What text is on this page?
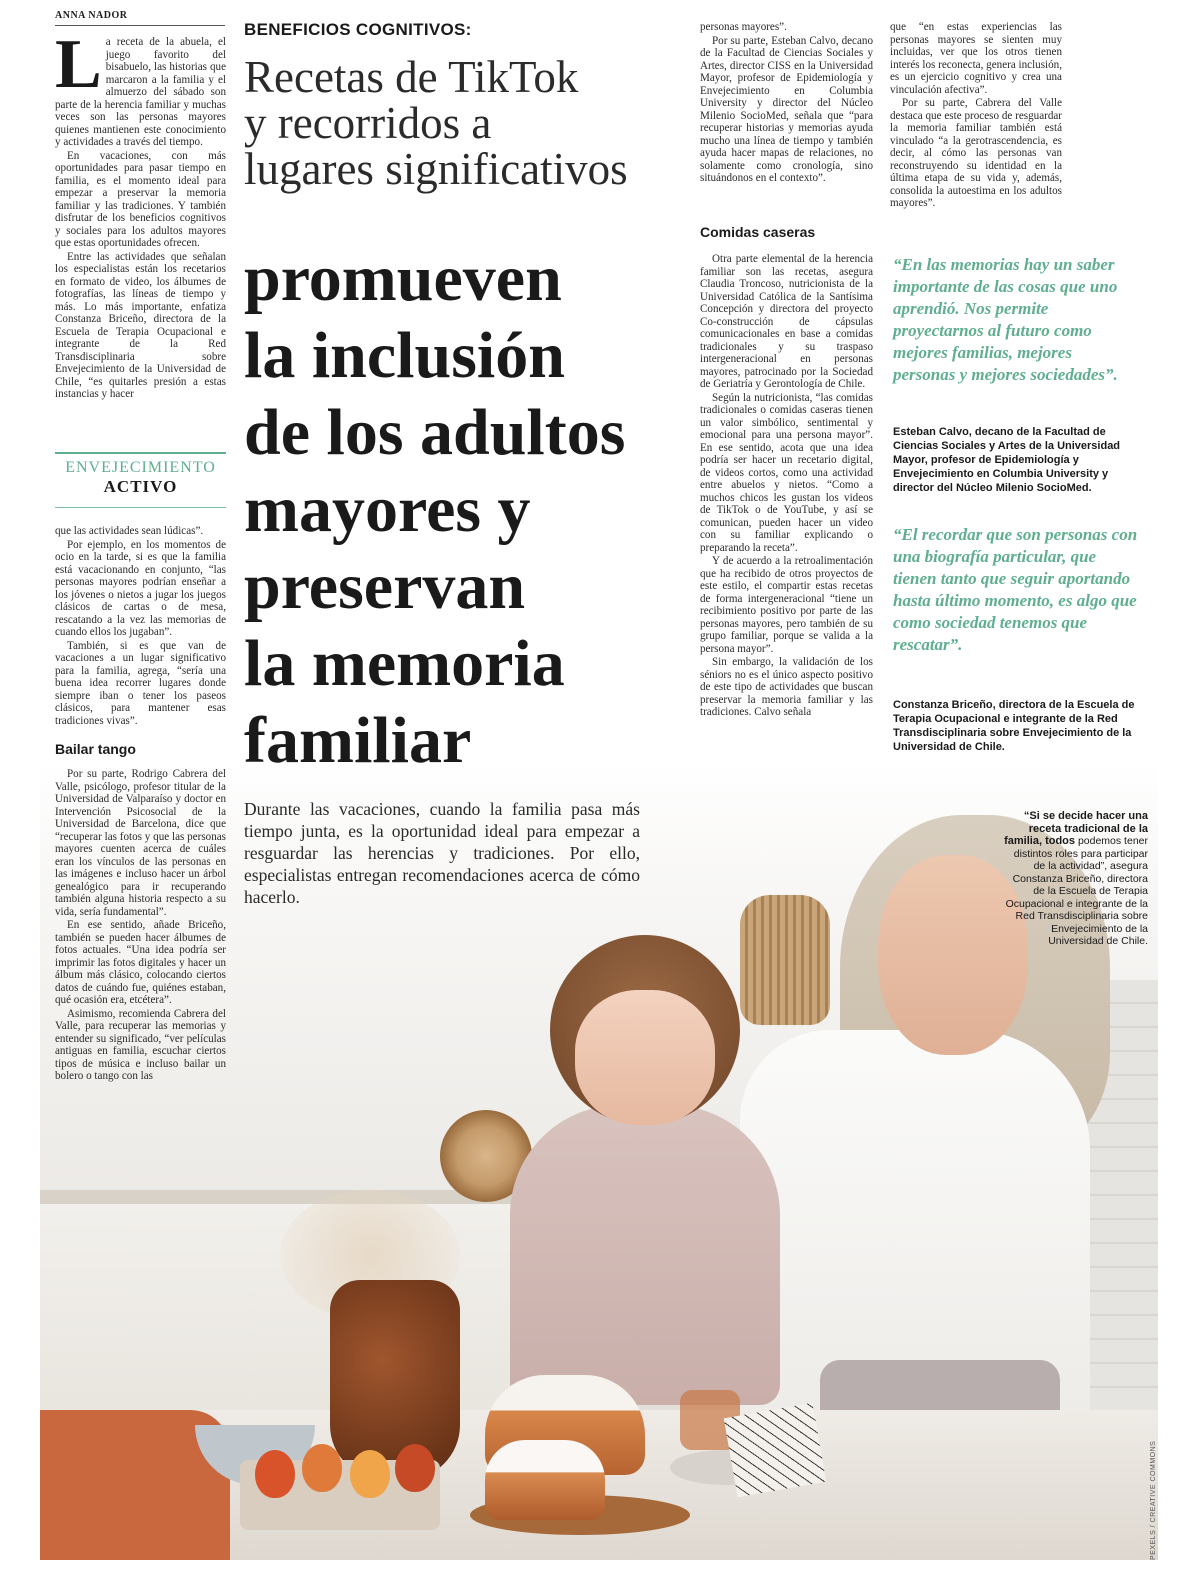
ANNA NADOR
L a receta de la abuela, el juego favorito del bisabuelo, las historias que marcaron a la familia y el almuerzo del sábado son parte de la herencia familiar y muchas veces son las personas mayores quienes mantienen este conocimiento y actividades a través del tiempo.

En vacaciones, con más oportunidades para pasar tiempo en familia, es el momento ideal para empezar a preservar la memoria familiar y las tradiciones. Y también disfrutar de los beneficios cognitivos y sociales para los adultos mayores que estas oportunidades ofrecen.

Entre las actividades que señalan los especialistas están los recetarios en formato de video, los álbumes de fotografías, las líneas de tiempo y más. Lo más importante, enfatiza Constanza Briceño, directora de la Escuela de Terapia Ocupacional e integrante de la Red Transdisciplinaria sobre Envejecimiento de la Universidad de Chile, “es quitarles presión a estas instancias y hacer

ENVEJECIMIENTO
ACTIVO

que las actividades sean lúdicas”.

Por ejemplo, en los momentos de ocio en la tarde, si es que la familia está vacacionando en conjunto, “las personas mayores podrían enseñar a los jóvenes o nietos a jugar los juegos clásicos de cartas o de mesa, rescatando a la vez las memorias de cuando ellos los jugaban”.

También, si es que van de vacaciones a un lugar significativo para la familia, agrega, “sería una buena idea recorrer lugares donde siempre iban o tener los paseos clásicos, para mantener esas tradiciones vivas”.

Bailar tango

Por su parte, Rodrigo Cabrera del Valle, psicólogo, profesor titular de la Universidad de Valparaíso y doctor en Intervención Psicosocial de la Universidad de Barcelona, dice que “recuperar las fotos y que las personas mayores cuenten acerca de cuáles eran los vínculos de las personas en las imágenes e incluso hacer un árbol genealógico para ir recuperando también alguna historia respecto a su vida, sería fundamental”.

En ese sentido, añade Briceño, también se pueden hacer álbumes de fotos actuales. “Una idea podría ser imprimir las fotos digitales y hacer un álbum más clásico, colocando ciertos datos de cuándo fue, quiénes estaban, qué ocasión era, etcétera”.

Asimismo, recomienda Cabrera del Valle, para recuperar las memorias y entender su significado, “ver películas antiguas en familia, escuchar ciertos tipos de música e incluso bailar un bolero o tango con las

BENEFICIOS COGNITIVOS:
Recetas de TikTok
y recorridos a
lugares significativos
promueven
la inclusión
de los adultos
mayores y
preservan
la memoria
familiar
Durante las vacaciones, cuando la familia pasa más tiempo junta, es la oportunidad ideal para empezar a resguardar las herencias y tradiciones. Por ello, especialistas entregan recomendaciones acerca de cómo hacerlo.

personas mayores”.

Por su parte, Esteban Calvo, decano de la Facultad de Ciencias Sociales y Artes, director CISS en la Universidad Mayor, profesor de Epidemiología y Envejecimiento en Columbia University y director del Núcleo Milenio SocioMed, señala que “para recuperar historias y memorias ayuda mucho una línea de tiempo y también ayuda hacer mapas de relaciones, no solamente como cronología, sino situándonos en el contexto”.

Comidas caseras

Otra parte elemental de la herencia familiar son las recetas, asegura Claudia Troncoso, nutricionista de la Universidad Católica de la Santísima Concepción y directora del proyecto Co-construcción de cápsulas comunicacionales en base a comidas tradicionales y su traspaso intergeneracional en personas mayores, patrocinado por la Sociedad de Geriatría y Gerontología de Chile.

Según la nutricionista, “las comidas tradicionales o comidas caseras tienen un valor simbólico, sentimental y emocional para una persona mayor”. En ese sentido, acota que una idea podría ser hacer un recetario digital, de videos cortos, como una actividad entre abuelos y nietos. “Como a muchos chicos les gustan los videos de TikTok o de YouTube, y así se comunican, pueden hacer un video con su familiar explicando o preparando la receta”.

Y de acuerdo a la retroalimentación que ha recibido de otros proyectos de este estilo, el compartir estas recetas de forma intergeneracional “tiene un recibimiento positivo por parte de las personas mayores, pero también de su grupo familiar, porque se valida a la persona mayor”.

Sin embargo, la validación de los séniors no es el único aspecto positivo de este tipo de actividades que buscan preservar la memoria familiar y las tradiciones. Calvo señala

que “en estas experiencias las personas mayores se sienten muy incluidas, ver que los otros tienen interés los reconecta, genera inclusión, es un ejercicio cognitivo y crea una vinculación afectiva”.

Por su parte, Cabrera del Valle destaca que este proceso de resguardar la memoria familiar también está vinculado “a la gerotrascendencia, es decir, al cómo las personas van reconstruyendo su identidad en la última etapa de su vida y, además, consolida la autoestima en los adultos mayores”.

“En las memorias hay un saber importante de las cosas que uno aprendió. Nos permite proyectarnos al futuro como mejores familias, mejores personas y mejores sociedades”.
Esteban Calvo, decano de la Facultad de Ciencias Sociales y Artes de la Universidad Mayor, profesor de Epidemiología y Envejecimiento en Columbia University y director del Núcleo Milenio SocioMed.
“El recordar que son personas con una biografía particular, que tienen tanto que seguir aportando hasta último momento, es algo que como sociedad tenemos que rescatar”.
Constanza Briceño, directora de la Escuela de Terapia Ocupacional e integrante de la Red Transdisciplinaria sobre Envejecimiento de la Universidad de Chile.
“Si se decide hacer una receta tradicional de la familia, todos podemos tener distintos roles para participar de la actividad”, asegura Constanza Briceño, directora de la Escuela de Terapia Ocupacional e integrante de la Red Transdisciplinaria sobre Envejecimiento de la Universidad de Chile.
PEXELS / CREATIVE COMMONS
